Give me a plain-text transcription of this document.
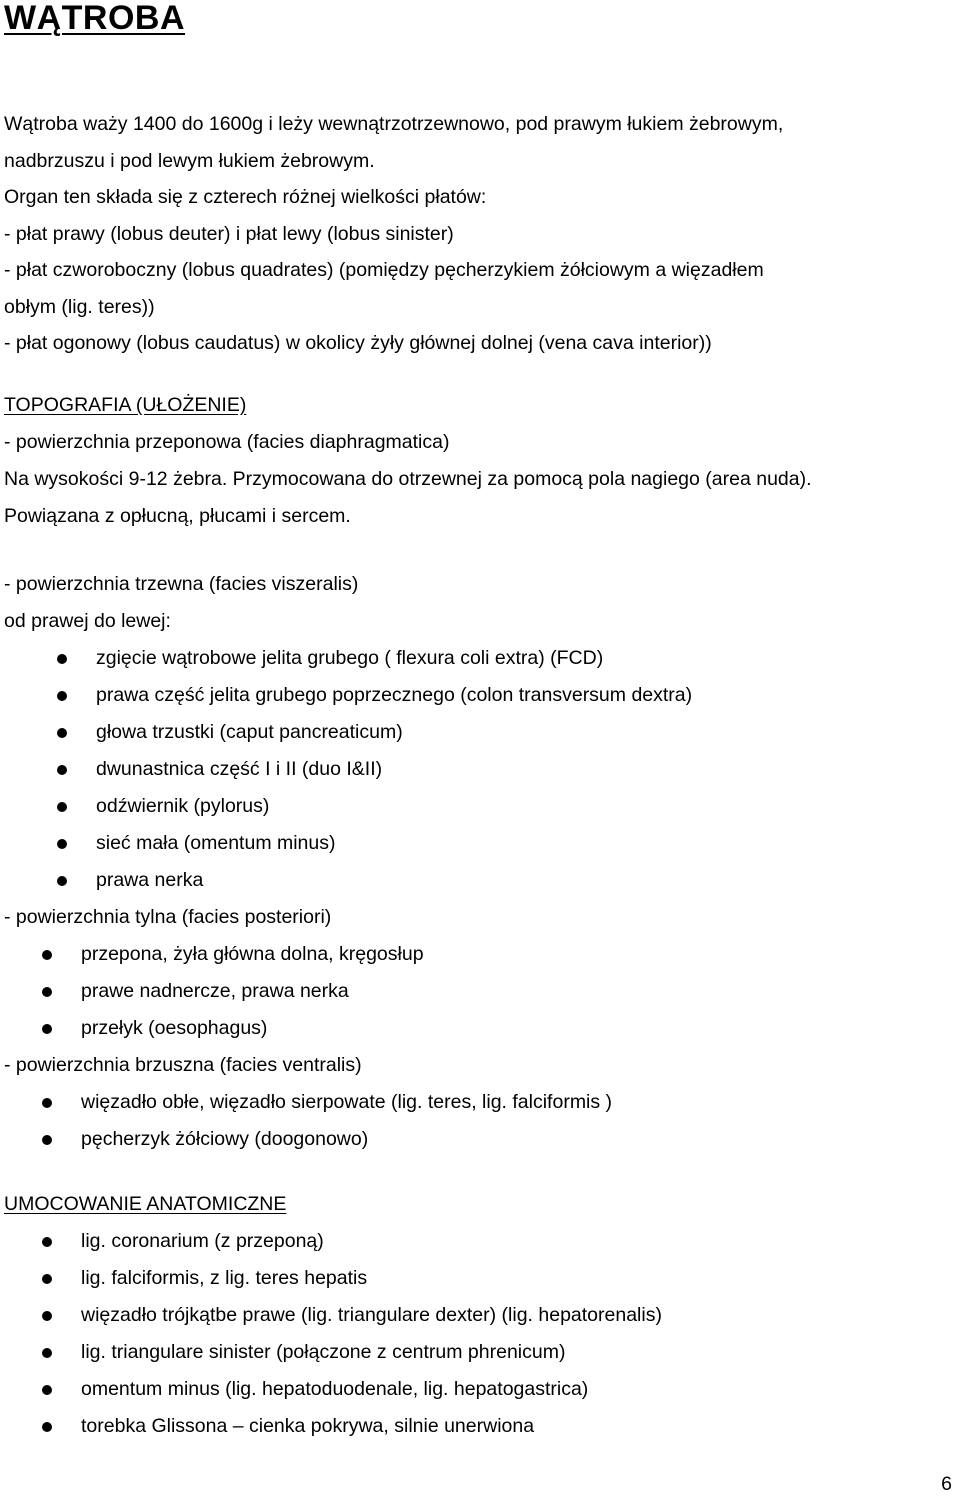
WĄTROBA
Wątroba waży 1400 do 1600g i leży wewnątrzotrzewnowo, pod prawym łukiem żebrowym,
nadbrzuszu i pod lewym łukiem żebrowym.
Organ ten składa się z czterech różnej wielkości płatów:
- płat prawy (lobus deuter) i płat lewy (lobus sinister)
- płat czworoboczny (lobus quadrates) (pomiędzy pęcherzykiem żółciowym a więzadłem
obłym (lig. teres))
- płat ogonowy (lobus caudatus) w okolicy żyły głównej dolnej (vena cava interior))
TOPOGRAFIA (UŁOŻENIE)
- powierzchnia przeponowa (facies diaphragmatica)
Na wysokości 9-12 żebra. Przymocowana do otrzewnej za pomocą pola nagiego (area nuda).
Powiązana z opłucną, płucami i sercem.
- powierzchnia trzewna (facies viszeralis)
od prawej do lewej:
zgięcie wątrobowe jelita grubego ( flexura coli extra) (FCD)
prawa część jelita grubego poprzecznego (colon transversum dextra)
głowa trzustki (caput pancreaticum)
dwunastnica część I i II (duo I&II)
odźwiernik (pylorus)
sieć mała (omentum minus)
prawa nerka
- powierzchnia tylna (facies posteriori)
przepona, żyła główna dolna, kręgosłup
prawe nadnercze, prawa nerka
przełyk (oesophagus)
- powierzchnia brzuszna (facies ventralis)
więzadło obłe, więzadło sierpowate (lig. teres, lig. falciformis )
pęcherzyk żółciowy (doogonowo)
UMOCOWANIE ANATOMICZNE
lig. coronarium (z przeponą)
lig. falciformis, z lig. teres hepatis
więzadło trójkątbe prawe (lig. triangulare dexter) (lig. hepatorenalis)
lig. triangulare sinister (połączone z centrum phrenicum)
omentum minus (lig. hepatoduodenale, lig. hepatogastrica)
torebka Glissona – cienka pokrywa, silnie unerwiona
6
